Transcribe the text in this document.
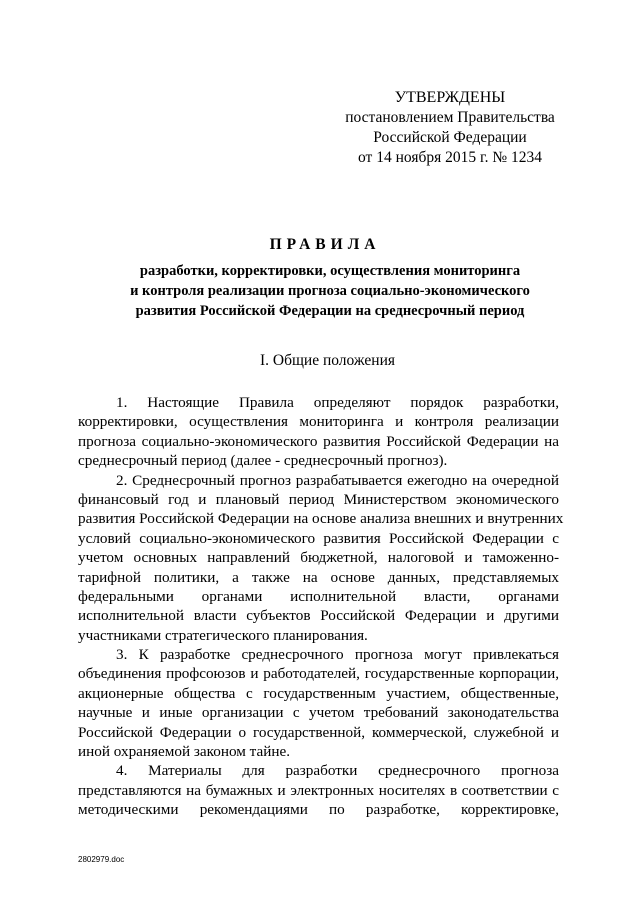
УТВЕРЖДЕНЫ
постановлением Правительства
Российской Федерации
от 14 ноября 2015 г. № 1234
ПРАВИЛА
разработки, корректировки, осуществления мониторинга
и контроля реализации прогноза социально-экономического
развития Российской Федерации на среднесрочный период
I. Общие положения
1. Настоящие Правила определяют порядок разработки,
корректировки, осуществления мониторинга и контроля реализации
прогноза социально-экономического развития Российской Федерации на
среднесрочный период (далее - среднесрочный прогноз).
2. Среднесрочный прогноз разрабатывается ежегодно на очередной
финансовый год и плановый период Министерством экономического
развития Российской Федерации на основе анализа внешних и внутренних
условий социально-экономического развития Российской Федерации с
учетом основных направлений бюджетной, налоговой и таможенно-
тарифной политики, а также на основе данных, представляемых
федеральными органами исполнительной власти, органами
исполнительной власти субъектов Российской Федерации и другими
участниками стратегического планирования.
3. К разработке среднесрочного прогноза могут привлекаться
объединения профсоюзов и работодателей, государственные корпорации,
акционерные общества с государственным участием, общественные,
научные и иные организации с учетом требований законодательства
Российской Федерации о государственной, коммерческой, служебной и
иной охраняемой законом тайне.
4. Материалы для разработки среднесрочного прогноза
представляются на бумажных и электронных носителях в соответствии с
методическими рекомендациями по разработке, корректировке,
2802979.doc
